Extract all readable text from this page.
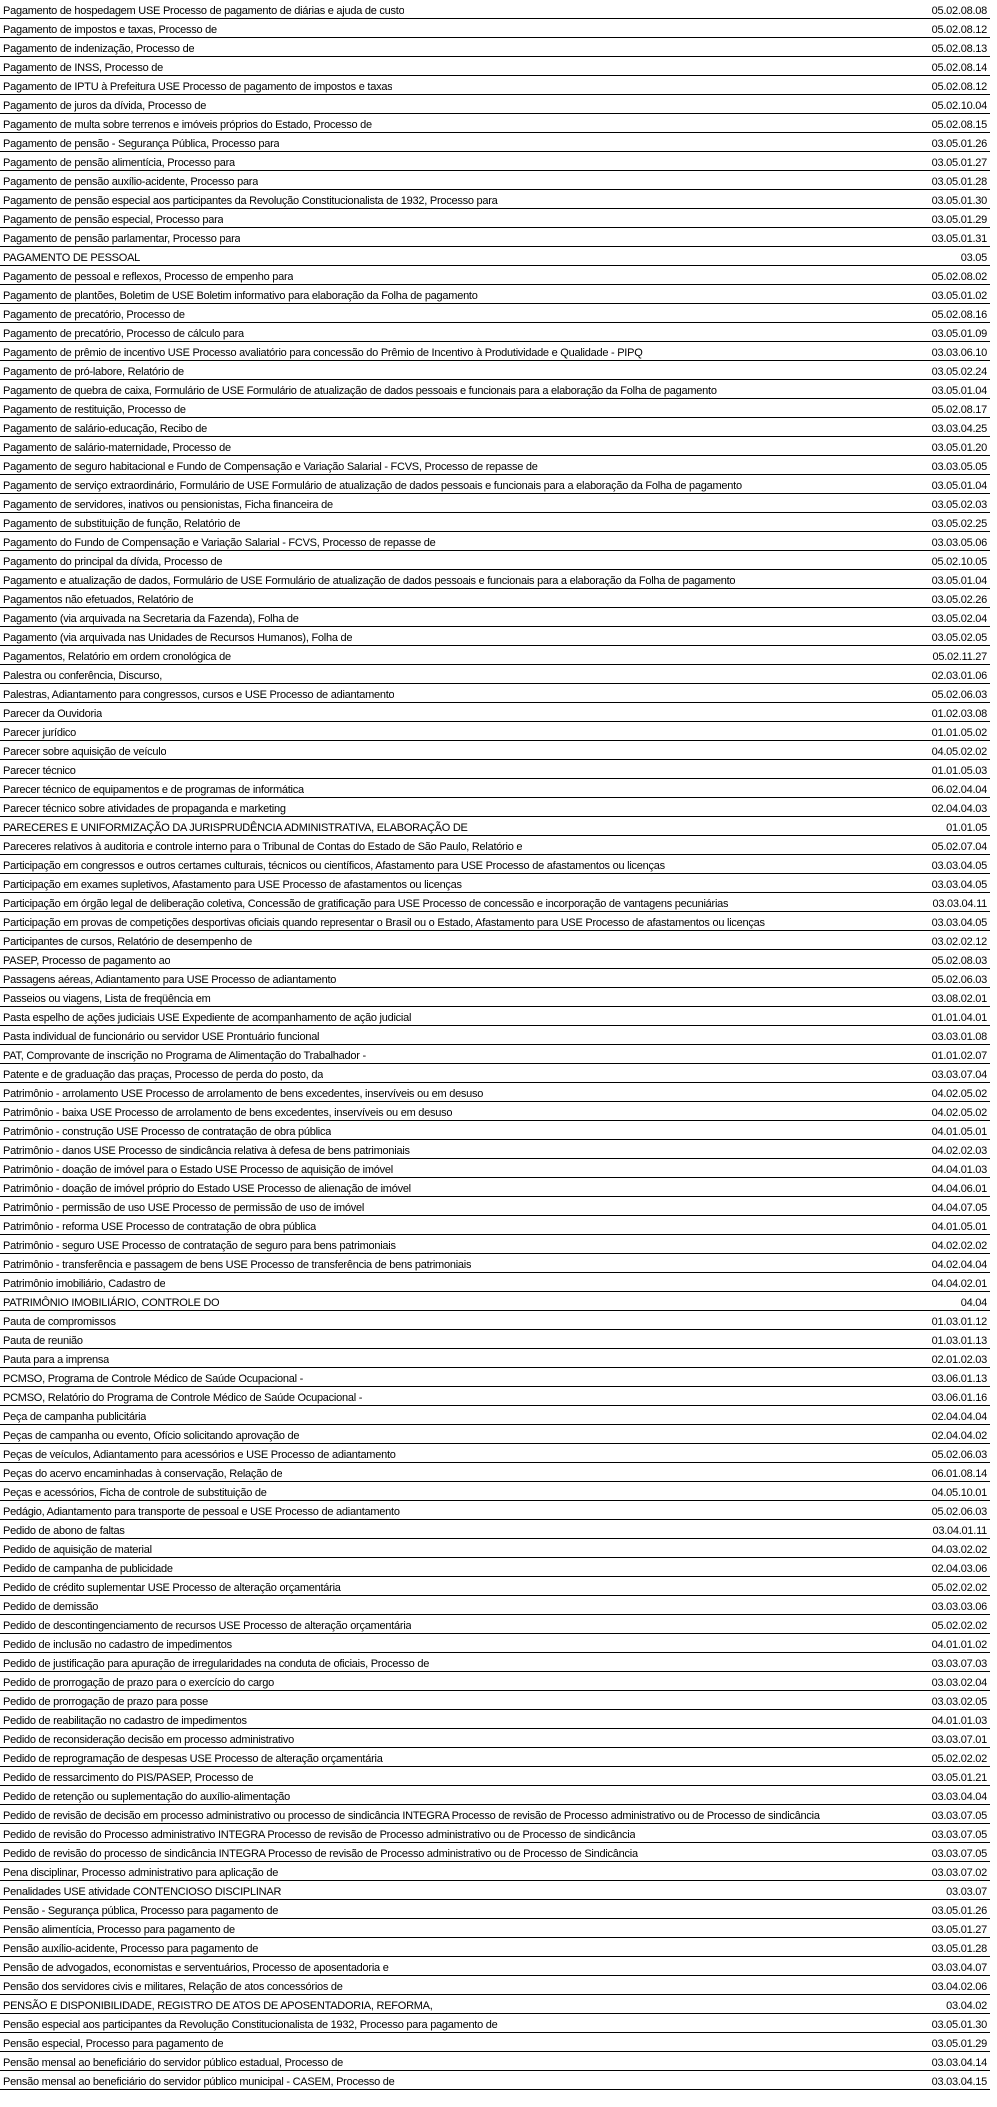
Pagamento de hospedagem USE Processo de pagamento de diárias e ajuda de custo	05.02.08.08
Pagamento de impostos e taxas, Processo de	05.02.08.12
Pagamento de indenização, Processo de	05.02.08.13
Pagamento de INSS, Processo de	05.02.08.14
Pagamento de IPTU à Prefeitura USE Processo de pagamento de impostos e taxas	05.02.08.12
Pagamento de juros da dívida, Processo de	05.02.10.04
Pagamento de multa sobre terrenos e imóveis próprios do Estado, Processo de	05.02.08.15
Pagamento de pensão - Segurança Pública, Processo para	03.05.01.26
Pagamento de pensão alimentícia, Processo para	03.05.01.27
Pagamento de pensão auxílio-acidente, Processo para	03.05.01.28
Pagamento de pensão especial aos participantes da Revolução Constitucionalista de 1932, Processo para	03.05.01.30
Pagamento de pensão especial, Processo para	03.05.01.29
Pagamento de pensão parlamentar, Processo para	03.05.01.31
PAGAMENTO DE PESSOAL	03.05
Pagamento de pessoal e reflexos, Processo de empenho para	05.02.08.02
Pagamento de plantões, Boletim de USE Boletim informativo para elaboração da Folha de pagamento	03.05.01.02
Pagamento de precatório, Processo de	05.02.08.16
Pagamento de precatório, Processo de cálculo para	03.05.01.09
Pagamento de prêmio de incentivo USE Processo avaliatório para concessão do Prêmio de Incentivo à Produtividade e Qualidade - PIPQ	03.03.06.10
Pagamento de pró-labore, Relatório de	03.05.02.24
Pagamento de quebra de caixa, Formulário de USE Formulário de atualização de dados pessoais e funcionais para a elaboração da Folha de pagamento	03.05.01.04
Pagamento de restituição, Processo de	05.02.08.17
Pagamento de salário-educação, Recibo de	03.03.04.25
Pagamento de salário-maternidade, Processo de	03.05.01.20
Pagamento de seguro habitacional e Fundo de Compensação e Variação Salarial - FCVS, Processo de repasse de	03.03.05.05
Pagamento de serviço extraordinário, Formulário de USE Formulário de atualização de dados pessoais e funcionais para a elaboração da Folha de pagamento	03.05.01.04
Pagamento de servidores, inativos ou pensionistas, Ficha financeira de	03.05.02.03
Pagamento de substituição de função, Relatório de	03.05.02.25
Pagamento do Fundo de Compensação e Variação Salarial - FCVS, Processo de repasse de	03.03.05.06
Pagamento do principal da dívida, Processo de	05.02.10.05
Pagamento e atualização de dados, Formulário de USE Formulário de atualização de dados pessoais e funcionais para a elaboração da Folha de pagamento	03.05.01.04
Pagamentos não efetuados, Relatório de	03.05.02.26
Pagamento (via arquivada na Secretaria da Fazenda), Folha de	03.05.02.04
Pagamento (via arquivada nas Unidades de Recursos Humanos), Folha de	03.05.02.05
Pagamentos, Relatório em ordem cronológica de	05.02.11.27
Palestra ou conferência, Discurso,	02.03.01.06
Palestras, Adiantamento para congressos, cursos e USE Processo de adiantamento	05.02.06.03
Parecer da Ouvidoria	01.02.03.08
Parecer jurídico	01.01.05.02
Parecer sobre aquisição de veículo	04.05.02.02
Parecer técnico	01.01.05.03
Parecer técnico de equipamentos e de programas de informática	06.02.04.04
Parecer técnico sobre atividades de propaganda e marketing	02.04.04.03
PARECERES E UNIFORMIZAÇÃO DA JURISPRUDÊNCIA ADMINISTRATIVA, ELABORAÇÃO DE	01.01.05
Pareceres relativos à auditoria e controle interno para o Tribunal de Contas do Estado de São Paulo, Relatório e	05.02.07.04
Participação em congressos e outros certames culturais, técnicos ou científicos, Afastamento para USE Processo de afastamentos ou licenças	03.03.04.05
Participação em exames supletivos, Afastamento para USE Processo de afastamentos ou licenças	03.03.04.05
Participação em órgão legal de deliberação coletiva, Concessão de gratificação para USE Processo de concessão e incorporação de vantagens pecuniárias	03.03.04.11
Participação em provas de competições desportivas oficiais quando representar o Brasil ou o Estado, Afastamento para USE Processo de afastamentos ou licenças	03.03.04.05
Participantes de cursos, Relatório de desempenho de	03.02.02.12
PASEP, Processo de pagamento ao	05.02.08.03
Passagens aéreas, Adiantamento para USE Processo de adiantamento	05.02.06.03
Passeios ou viagens, Lista de freqüência em	03.08.02.01
Pasta espelho de ações judiciais USE Expediente de acompanhamento de ação judicial	01.01.04.01
Pasta individual de funcionário ou servidor USE Prontuário funcional	03.03.01.08
PAT, Comprovante de inscrição no Programa de Alimentação do Trabalhador -	01.01.02.07
Patente e de graduação das praças, Processo de perda do posto, da	03.03.07.04
Patrimônio - arrolamento USE Processo de arrolamento de bens excedentes, inservíveis ou em desuso	04.02.05.02
Patrimônio - baixa USE Processo de arrolamento de bens excedentes, inservíveis ou em desuso	04.02.05.02
Patrimônio - construção USE Processo de contratação de obra pública	04.01.05.01
Patrimônio - danos USE Processo de sindicância relativa à defesa de bens patrimoniais	04.02.02.03
Patrimônio - doação de imóvel para o Estado USE Processo de aquisição de imóvel	04.04.01.03
Patrimônio - doação de imóvel próprio do Estado USE Processo de alienação de imóvel	04.04.06.01
Patrimônio - permissão de uso USE Processo de permissão de uso de imóvel	04.04.07.05
Patrimônio - reforma USE Processo de contratação de obra pública	04.01.05.01
Patrimônio - seguro USE Processo de contratação de seguro para bens patrimoniais	04.02.02.02
Patrimônio - transferência e passagem de bens USE Processo de transferência de bens patrimoniais	04.02.04.04
Patrimônio imobiliário, Cadastro de	04.04.02.01
PATRIMÔNIO IMOBILIÁRIO, CONTROLE DO	04.04
Pauta de compromissos	01.03.01.12
Pauta de reunião	01.03.01.13
Pauta para a imprensa	02.01.02.03
PCMSO, Programa de Controle Médico de Saúde Ocupacional -	03.06.01.13
PCMSO, Relatório do Programa de Controle Médico de Saúde Ocupacional -	03.06.01.16
Peça de campanha publicitária	02.04.04.04
Peças de campanha ou evento, Ofício solicitando aprovação de	02.04.04.02
Peças de veículos, Adiantamento para acessórios e USE Processo de adiantamento	05.02.06.03
Peças do acervo encaminhadas à conservação, Relação de	06.01.08.14
Peças e acessórios, Ficha de controle de substituição de	04.05.10.01
Pedágio, Adiantamento para transporte de pessoal e USE Processo de adiantamento	05.02.06.03
Pedido de abono de faltas	03.04.01.11
Pedido de aquisição de material	04.03.02.02
Pedido de campanha de publicidade	02.04.03.06
Pedido de crédito suplementar USE Processo de alteração orçamentária	05.02.02.02
Pedido de demissão	03.03.03.06
Pedido de descontingenciamento de recursos USE Processo de alteração orçamentária	05.02.02.02
Pedido de inclusão no cadastro de impedimentos	04.01.01.02
Pedido de justificação para apuração de irregularidades na conduta de oficiais, Processo de	03.03.07.03
Pedido de prorrogação de prazo para o exercício do cargo	03.03.02.04
Pedido de prorrogação de prazo para posse	03.03.02.05
Pedido de reabilitação no cadastro de impedimentos	04.01.01.03
Pedido de reconsideração decisão em processo administrativo	03.03.07.01
Pedido de reprogramação de despesas USE Processo de alteração orçamentária	05.02.02.02
Pedido de ressarcimento do PIS/PASEP, Processo de	03.05.01.21
Pedido de retenção ou suplementação do auxílio-alimentação	03.03.04.04
Pedido de revisão de decisão em processo administrativo ou processo de sindicância INTEGRA Processo de revisão de Processo administrativo ou de Processo de sindicância	03.03.07.05
Pedido de revisão do Processo administrativo INTEGRA Processo de revisão de Processo administrativo ou de Processo de sindicância	03.03.07.05
Pedido de revisão do processo de sindicância INTEGRA Processo de revisão de Processo administrativo ou de Processo de Sindicância	03.03.07.05
Pena disciplinar, Processo administrativo para aplicação de	03.03.07.02
Penalidades USE atividade CONTENCIOSO DISCIPLINAR	03.03.07
Pensão - Segurança pública, Processo para pagamento de	03.05.01.26
Pensão alimentícia, Processo para pagamento de	03.05.01.27
Pensão auxílio-acidente, Processo para pagamento de	03.05.01.28
Pensão de advogados, economistas e serventuários, Processo de aposentadoria e	03.03.04.07
Pensão dos servidores civis e militares, Relação de atos concessórios de	03.04.02.06
PENSÃO E DISPONIBILIDADE, REGISTRO DE ATOS DE APOSENTADORIA, REFORMA,	03.04.02
Pensão especial aos participantes da Revolução Constitucionalista de 1932, Processo para pagamento de	03.05.01.30
Pensão especial, Processo para pagamento de	03.05.01.29
Pensão mensal ao beneficiário do servidor público estadual, Processo de	03.03.04.14
Pensão mensal ao beneficiário do servidor público municipal - CASEM, Processo de	03.03.04.15
